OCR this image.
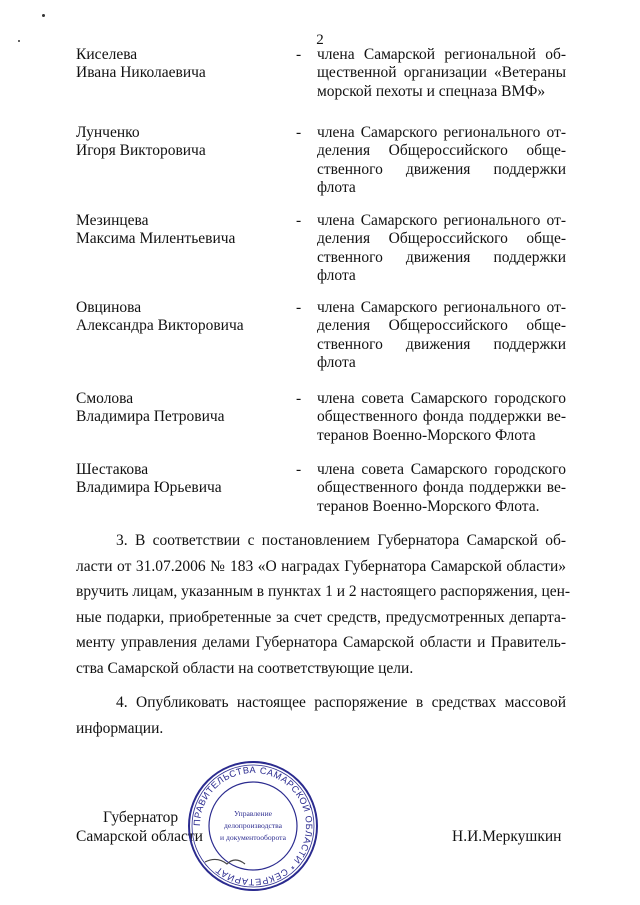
2
Киселева
Ивана Николаевича
- члена Самарской региональной об-
щественной организации «Ветераны
морской пехоты и спецназа ВМФ»
Лунченко
Игоря Викторовича
- члена Самарского регионального от-
деления Общероссийского обще-
ственного движения поддержки
флота
Мезинцева
Максима Милентьевича
- члена Самарского регионального от-
деления Общероссийского обще-
ственного движения поддержки
флота
Овцинова
Александра Викторовича
- члена Самарского регионального от-
деления Общероссийского обще-
ственного движения поддержки
флота
Смолова
Владимира Петровича
- члена совета Самарского городского
общественного фонда поддержки ве-
теранов Военно-Морского Флота
Шестакова
Владимира Юрьевича
- члена совета Самарского городского
общественного фонда поддержки ве-
теранов Военно-Морского Флота.
3. В соответствии с постановлением Губернатора Самарской об-
ласти от 31.07.2006 № 183 «О наградах Губернатора Самарской области»
вручить лицам, указанным в пунктах 1 и 2 настоящего распоряжения, цен-
ные подарки, приобретенные за счет средств, предусмотренных департа-
менту управления делами Губернатора Самарской области и Правитель-
ства Самарской области на соответствующие цели.
4. Опубликовать настоящее распоряжение в средствах массовой
информации.
Губернатор
Самарской области	Н.И.Меркушкин
ПРАВИТЕЛЬСТВА САМАРСКОЙ ОБЛАСТИ * СЕКРЕТАРИАТ
Управление
делопроизводства
и документооборота
